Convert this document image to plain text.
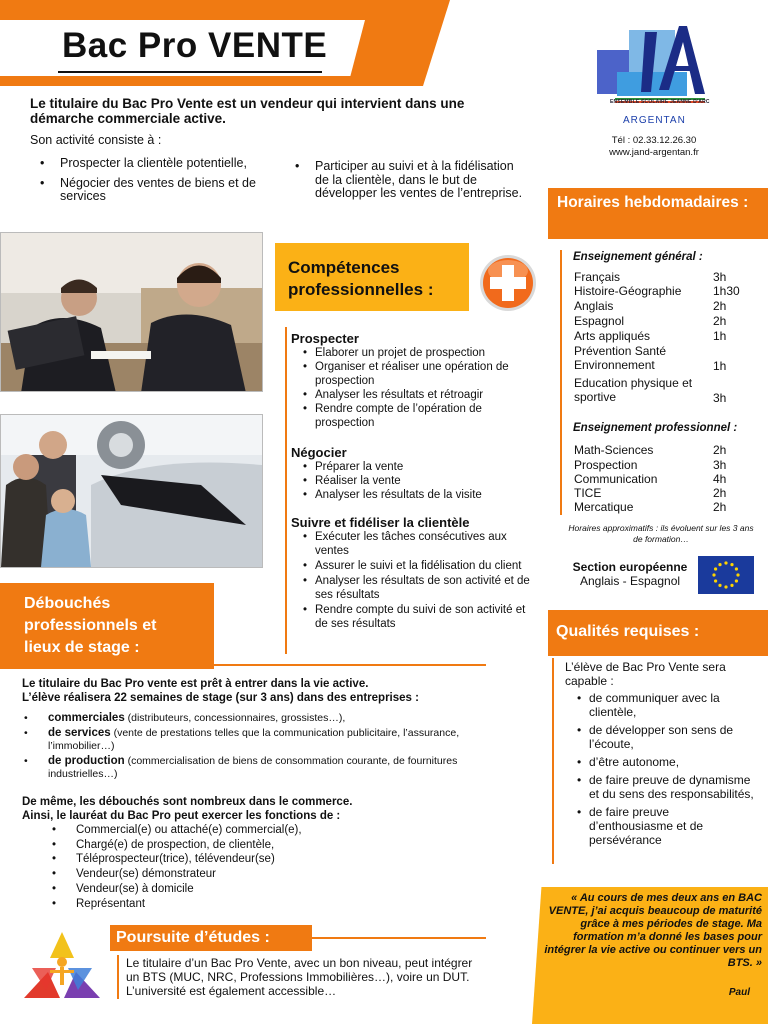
Bac Pro VENTE
Le titulaire du Bac Pro Vente est un vendeur qui intervient dans une démarche commerciale active.
Son activité consiste à :
• Prospecter la clientèle potentielle,
• Négocier des ventes de biens et de services
• Participer au suivi et à la fidélisation de la clientèle, dans le but de développer les ventes de l’entreprise.
ENSEMBLE SCOLAIRE JEANNE D'ARC
ARGENTAN
Tél : 02.33.12.26.30
www.jand-argentan.fr
Compétences professionnelles :
Prospecter
• Elaborer un projet de prospection
• Organiser et réaliser une opération de prospection
• Analyser les résultats et rétroagir
• Rendre compte de l’opération de prospection
Négocier
• Préparer la vente
• Réaliser la vente
• Analyser les résultats de la visite
Suivre et fidéliser la clientèle
• Exécuter les tâches consécutives aux ventes
• Assurer le suivi et la fidélisation du client
• Analyser les résultats de son activité et de ses résultats
• Rendre compte du suivi de son activité et de ses résultats
Horaires hebdomadaires :
Enseignement général :
Français	3h
Histoire-Géographie	1h30
Anglais	2h
Espagnol	2h
Arts appliqués	1h
Prévention Santé Environnement	1h
Education physique et sportive	3h
Enseignement professionnel :
Math-Sciences	2h
Prospection	3h
Communication	4h
TICE	2h
Mercatique	2h
Horaires approximatifs : ils évoluent sur les 3 ans de formation…
Section européenne
Anglais - Espagnol
Qualités requises :
L’élève de Bac Pro Vente sera capable :
• de communiquer avec la clientèle,
• de développer son sens de l’écoute,
• d’être autonome,
• de faire preuve de dynamisme et du sens des responsabilités,
• de faire preuve d’enthousiasme et de persévérance
Débouchés professionnels et lieux de stage :
Le titulaire du Bac Pro vente est prêt à entrer dans la vie active.
L’élève réalisera 22 semaines de stage (sur 3 ans) dans des entreprises :
• commerciales (distributeurs, concessionnaires, grossistes…),
• de services (vente de prestations telles que la communication publicitaire, l’assurance, l’immobilier…)
• de production (commercialisation de biens de consommation courante, de fournitures industrielles…)
De même, les débouchés sont nombreux dans le commerce.
Ainsi, le lauréat du Bac Pro peut exercer les fonctions de :
• Commercial(e) ou attaché(e) commercial(e),
• Chargé(e) de prospection, de clientèle,
• Téléprospecteur(trice), télévendeur(se)
• Vendeur(se) démonstrateur
• Vendeur(se) à domicile
• Représentant
Poursuite d’études :
Le titulaire d’un Bac Pro Vente, avec un bon niveau, peut intégrer un BTS (MUC, NRC, Professions Immobilières…), voire un DUT. L’université est également accessible…
« Au cours de mes deux ans en BAC VENTE, j’ai acquis beaucoup de maturité grâce à mes périodes de stage. Ma formation m’a donné les bases pour intégrer la vie active ou continuer vers un BTS. »
Paul
